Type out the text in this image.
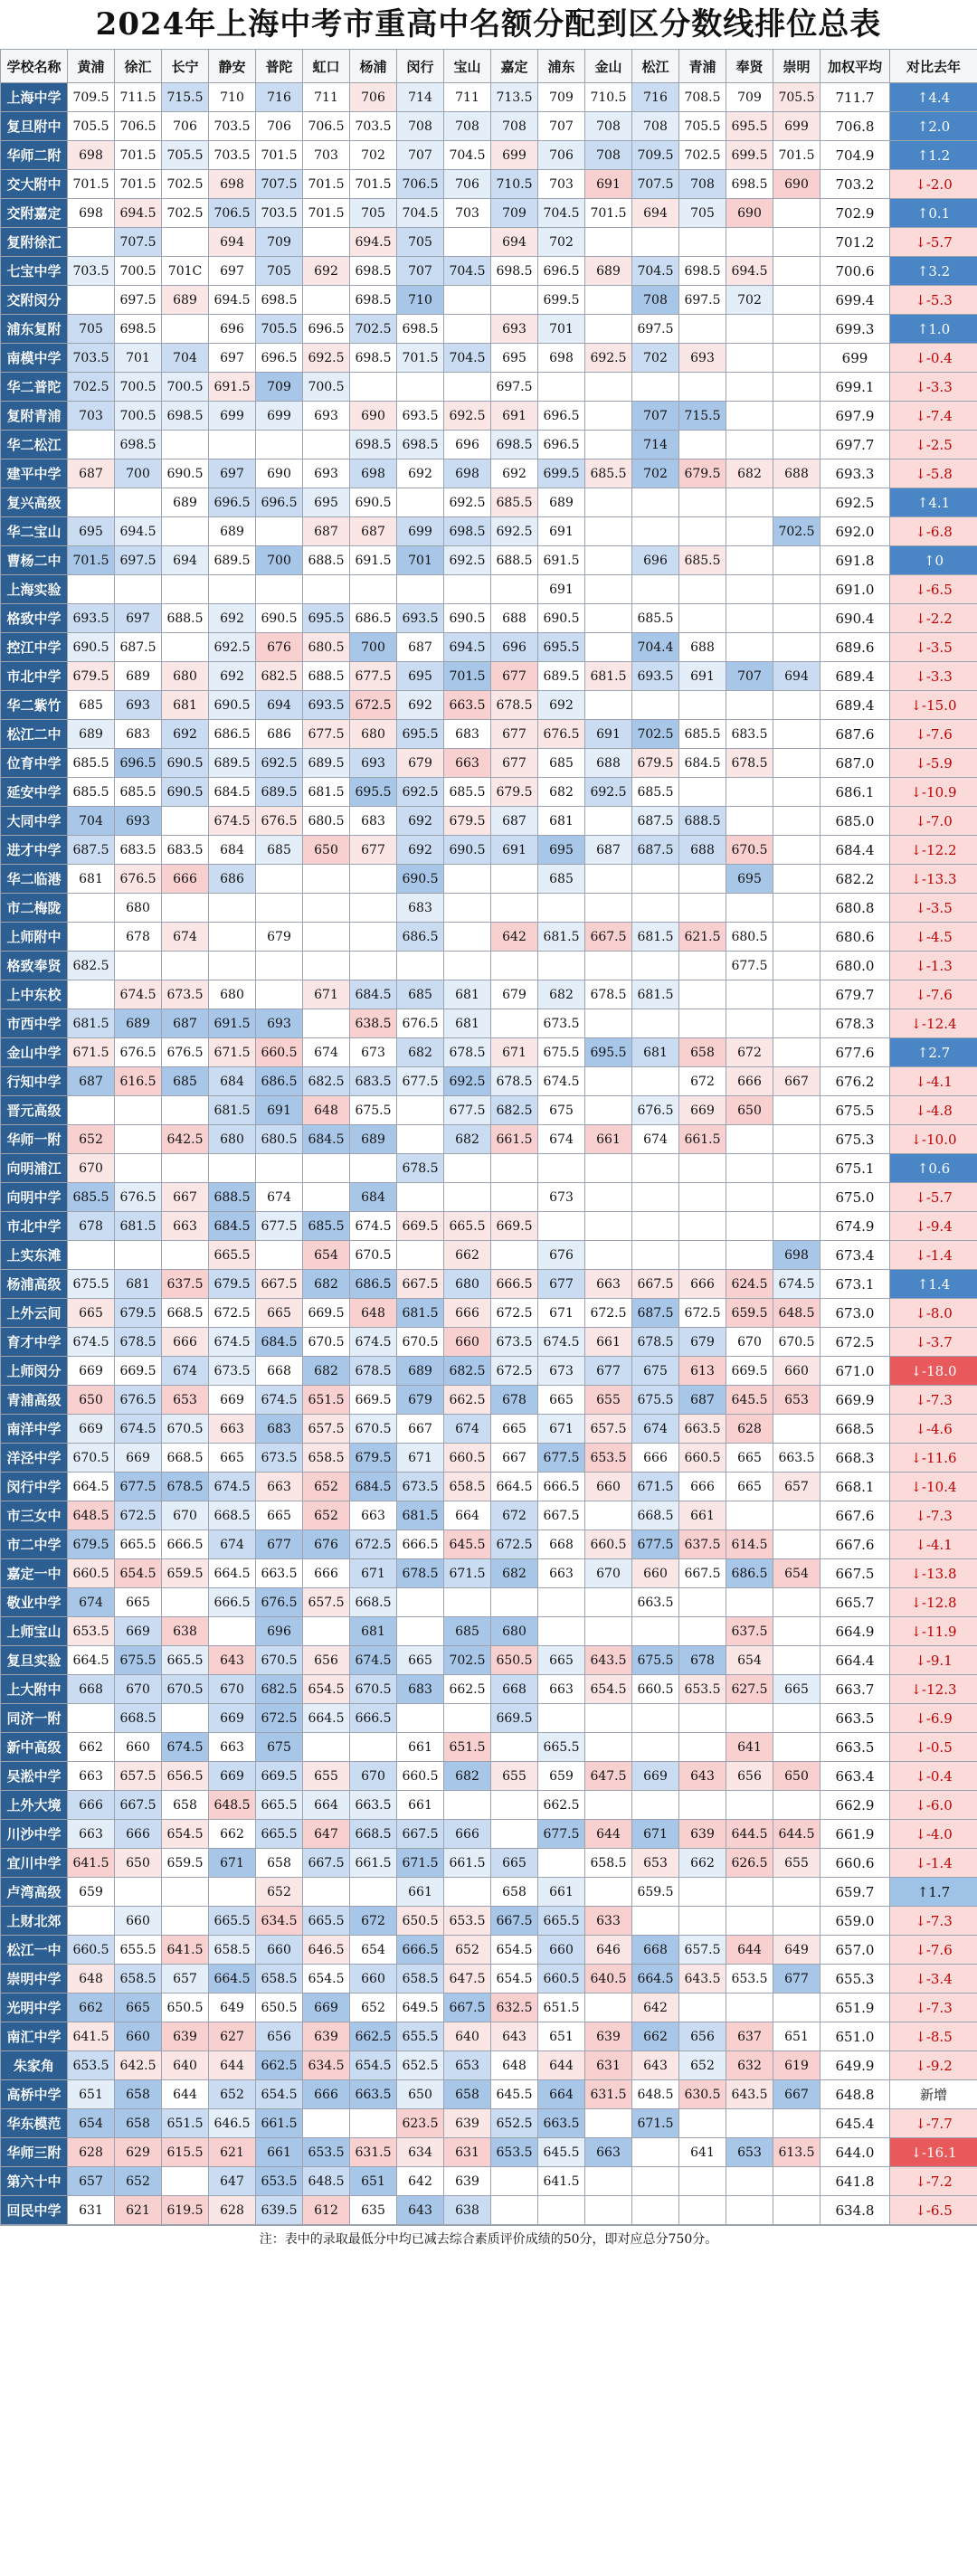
2024年上海中考市重高中名额分配到区分数线排位总表
学校名称	黄浦	徐汇	长宁	静安	普陀	虹口	杨浦	闵行	宝山	嘉定	浦东	金山	松江	青浦	奉贤	崇明	加权平均	对比去年
上海中学	709.5	711.5	715.5	710	716	711	706	714	711	713.5	709	710.5	716	708.5	709	705.5	711.7	↑4.4
复旦附中	705.5	706.5	706	703.5	706	706.5	703.5	708	708	708	707	708	708	705.5	695.5	699	706.8	↑2.0
华师二附	698	701.5	705.5	703.5	701.5	703	702	707	704.5	699	706	708	709.5	702.5	699.5	701.5	704.9	↑1.2
交大附中	701.5	701.5	702.5	698	707.5	701.5	701.5	706.5	706	710.5	703	691	707.5	708	698.5	690	703.2	↓-2.0
交附嘉定	698	694.5	702.5	706.5	703.5	701.5	705	704.5	703	709	704.5	701.5	694	705	690		702.9	↑0.1
复附徐汇		707.5		694	709		694.5	705		694	702						701.2	↓-5.7
七宝中学	703.5	700.5	701C	697	705	692	698.5	707	704.5	698.5	696.5	689	704.5	698.5	694.5		700.6	↑3.2
交附闵分		697.5	689	694.5	698.5		698.5	710			699.5		708	697.5	702		699.4	↓-5.3
浦东复附	705	698.5		696	705.5	696.5	702.5	698.5		693	701		697.5				699.3	↑1.0
南模中学	703.5	701	704	697	696.5	692.5	698.5	701.5	704.5	695	698	692.5	702	693			699	↓-0.4
华二普陀	702.5	700.5	700.5	691.5	709	700.5				697.5							699.1	↓-3.3
复附青浦	703	700.5	698.5	699	699	693	690	693.5	692.5	691	696.5		707	715.5			697.9	↓-7.4
华二松江		698.5					698.5	698.5	696	698.5	696.5		714				697.7	↓-2.5
建平中学	687	700	690.5	697	690	693	698	692	698	692	699.5	685.5	702	679.5	682	688	693.3	↓-5.8
复兴高级			689	696.5	696.5	695	690.5		692.5	685.5	689						692.5	↑4.1
华二宝山	695	694.5		689		687	687	699	698.5	692.5	691					702.5	692.0	↓-6.8
曹杨二中	701.5	697.5	694	689.5	700	688.5	691.5	701	692.5	688.5	691.5		696	685.5			691.8	↑0
上海实验											691						691.0	↓-6.5
格致中学	693.5	697	688.5	692	690.5	695.5	686.5	693.5	690.5	688	690.5		685.5				690.4	↓-2.2
控江中学	690.5	687.5		692.5	676	680.5	700	687	694.5	696	695.5		704.4	688			689.6	↓-3.5
市北中学	679.5	689	680	692	682.5	688.5	677.5	695	701.5	677	689.5	681.5	693.5	691	707	694	689.4	↓-3.3
华二紫竹	685	693	681	690.5	694	693.5	672.5	692	663.5	678.5	692						689.4	↓-15.0
松江二中	689	683	692	686.5	686	677.5	680	695.5	683	677	676.5	691	702.5	685.5	683.5		687.6	↓-7.6
位育中学	685.5	696.5	690.5	689.5	692.5	689.5	693	679	663	677	685	688	679.5	684.5	678.5		687.0	↓-5.9
延安中学	685.5	685.5	690.5	684.5	689.5	681.5	695.5	692.5	685.5	679.5	682	692.5	685.5				686.1	↓-10.9
大同中学	704	693		674.5	676.5	680.5	683	692	679.5	687	681		687.5	688.5			685.0	↓-7.0
进才中学	687.5	683.5	683.5	684	685	650	677	692	690.5	691	695	687	687.5	688	670.5		684.4	↓-12.2
华二临港	681	676.5	666	686				690.5			685				695		682.2	↓-13.3
市二梅陇		680						683									680.8	↓-3.5
上师附中		678	674		679			686.5		642	681.5	667.5	681.5	621.5	680.5		680.6	↓-4.5
格致奉贤	682.5														677.5		680.0	↓-1.3
上中东校		674.5	673.5	680		671	684.5	685	681	679	682	678.5	681.5				679.7	↓-7.6
市西中学	681.5	689	687	691.5	693		638.5	676.5	681		673.5						678.3	↓-12.4
金山中学	671.5	676.5	676.5	671.5	660.5	674	673	682	678.5	671	675.5	695.5	681	658	672		677.6	↑2.7
行知中学	687	616.5	685	684	686.5	682.5	683.5	677.5	692.5	678.5	674.5			672	666	667	676.2	↓-4.1
晋元高级				681.5	691	648	675.5		677.5	682.5	675		676.5	669	650		675.5	↓-4.8
华师一附	652		642.5	680	680.5	684.5	689		682	661.5	674	661	674	661.5			675.3	↓-10.0
向明浦江	670							678.5									675.1	↑0.6
向明中学	685.5	676.5	667	688.5	674		684				673						675.0	↓-5.7
市北中学	678	681.5	663	684.5	677.5	685.5	674.5	669.5	665.5	669.5							674.9	↓-9.4
上实东滩				665.5		654	670.5		662		676					698	673.4	↓-1.4
杨浦高级	675.5	681	637.5	679.5	667.5	682	686.5	667.5	680	666.5	677	663	667.5	666	624.5	674.5	673.1	↑1.4
上外云间	665	679.5	668.5	672.5	665	669.5	648	681.5	666	672.5	671	672.5	687.5	672.5	659.5	648.5	673.0	↓-8.0
育才中学	674.5	678.5	666	674.5	684.5	670.5	674.5	670.5	660	673.5	674.5	661	678.5	679	670	670.5	672.5	↓-3.7
上师闵分	669	669.5	674	673.5	668	682	678.5	689	682.5	672.5	673	677	675	613	669.5	660	671.0	↓-18.0
青浦高级	650	676.5	653	669	674.5	651.5	669.5	679	662.5	678	665	655	675.5	687	645.5	653	669.9	↓-7.3
南洋中学	669	674.5	670.5	663	683	657.5	670.5	667	674	665	671	657.5	674	663.5	628		668.5	↓-4.6
洋泾中学	670.5	669	668.5	665	673.5	658.5	679.5	671	660.5	667	677.5	653.5	666	660.5	665	663.5	668.3	↓-11.6
闵行中学	664.5	677.5	678.5	674.5	663	652	684.5	673.5	658.5	664.5	666.5	660	671.5	666	665	657	668.1	↓-10.4
市三女中	648.5	672.5	670	668.5	665	652	663	681.5	664	672	667.5		668.5	661			667.6	↓-7.3
市二中学	679.5	665.5	666.5	674	677	676	672.5	666.5	645.5	672.5	668	660.5	677.5	637.5	614.5		667.6	↓-4.1
嘉定一中	660.5	654.5	659.5	664.5	663.5	666	671	678.5	671.5	682	663	670	660	667.5	686.5	654	667.5	↓-13.8
敬业中学	674	665		666.5	676.5	657.5	668.5						663.5				665.7	↓-12.8
上师宝山	653.5	669	638		696		681		685	680					637.5		664.9	↓-11.9
复旦实验	664.5	675.5	665.5	643	670.5	656	674.5	665	702.5	650.5	665	643.5	675.5	678	654		664.4	↓-9.1
上大附中	668	670	670.5	670	682.5	654.5	670.5	683	662.5	668	663	654.5	660.5	653.5	627.5	665	663.7	↓-12.3
同济一附		668.5		669	672.5	664.5	666.5			669.5							663.5	↓-6.9
新中高级	662	660	674.5	663	675			661	651.5		665.5				641		663.5	↓-0.5
吴淞中学	663	657.5	656.5	669	669.5	655	670	660.5	682	655	659	647.5	669	643	656	650	663.4	↓-0.4
上外大境	666	667.5	658	648.5	665.5	664	663.5	661			662.5						662.9	↓-6.0
川沙中学	663	666	654.5	662	665.5	647	668.5	667.5	666		677.5	644	671	639	644.5	644.5	661.9	↓-4.0
宜川中学	641.5	650	659.5	671	658	667.5	661.5	671.5	661.5	665		658.5	653	662	626.5	655	660.6	↓-1.4
卢湾高级	659				652			661		658	661		659.5				659.7	↑1.7
上财北郊		660		665.5	634.5	665.5	672	650.5	653.5	667.5	665.5	633					659.0	↓-7.3
松江一中	660.5	655.5	641.5	658.5	660	646.5	654	666.5	652	654.5	660	646	668	657.5	644	649	657.0	↓-7.6
崇明中学	648	658.5	657	664.5	658.5	654.5	660	658.5	647.5	654.5	660.5	640.5	664.5	643.5	653.5	677	655.3	↓-3.4
光明中学	662	665	650.5	649	650.5	669	652	649.5	667.5	632.5	651.5		642				651.9	↓-7.3
南汇中学	641.5	660	639	627	656	639	662.5	655.5	640	643	651	639	662	656	637	651	651.0	↓-8.5
朱家角	653.5	642.5	640	644	662.5	634.5	654.5	652.5	653	648	644	631	643	652	632	619	649.9	↓-9.2
高桥中学	651	658	644	652	654.5	666	663.5	650	658	645.5	664	631.5	648.5	630.5	643.5	667	648.8	新增
华东模范	654	658	651.5	646.5	661.5			623.5	639	652.5	663.5		671.5				645.4	↓-7.7
华师三附	628	629	615.5	621	661	653.5	631.5	634	631	653.5	645.5	663		641	653	613.5	644.0	↓-16.1
第六十中	657	652		647	653.5	648.5	651	642	639		641.5						641.8	↓-7.2
回民中学	631	621	619.5	628	639.5	612	635	643	638								634.8	↓-6.5
注：表中的录取最低分中均已减去综合素质评价成绩的50分，即对应总分750分。
